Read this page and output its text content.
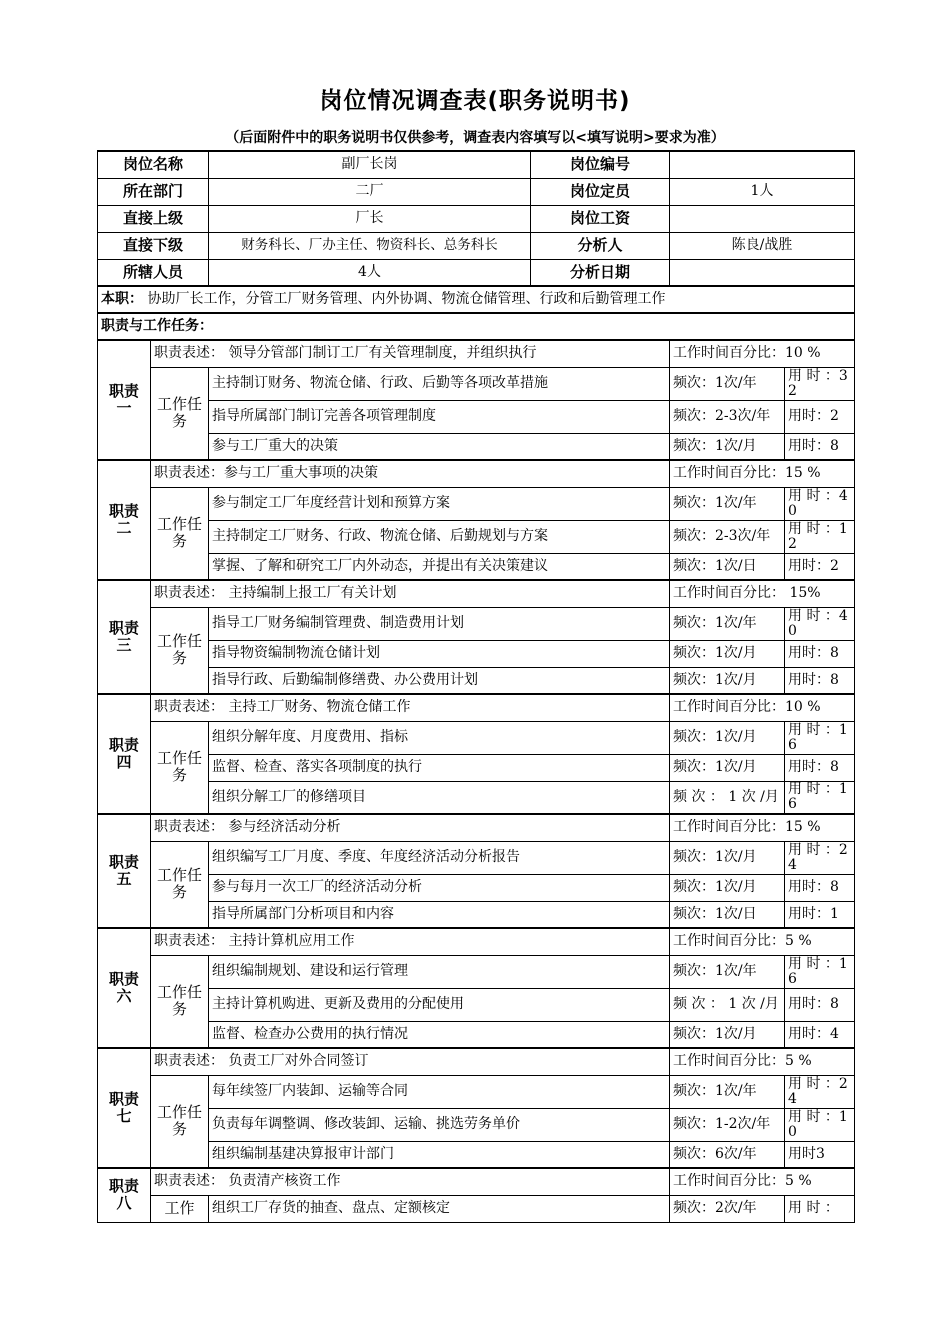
岗位情况调查表(职务说明书)
（后面附件中的职务说明书仅供参考，调查表内容填写以<填写说明>要求为准）
岗位名称		副厂长岗	岗位编号		
所在部门		二厂	岗位定员	1人	
直接上级		厂长	岗位工资		
直接下级		财务科长、厂办主任、物资科长、总务科长	分析人	陈良/战胜	
所辖人员		4人	分析日期		
本职： 协助厂长工作，分管工厂财务管理、内外协调、物流仓储管理、行政和后勤管理工作					
职责与工作任务：					
职责一	职责表述： 领导分管部门制订工厂有关管理制度，并组织执行			工作时间百分比：10 %	
	工作任务	主持制订财务、物流仓储、行政、后勤等各项改革措施		频次：1次/年	用 时 ：32
		指导所属部门制订完善各项管理制度		频次：2-3次/年	用时：2
		参与工厂重大的决策		频次：1次/月	用时：8
职责二	职责表述：参与工厂重大事项的决策			工作时间百分比：15 %	
	工作任务	参与制定工厂年度经营计划和预算方案		频次：1次/年	用 时 ：40
		主持制定工厂财务、行政、物流仓储、后勤规划与方案		频次：2-3次/年	用 时 ：12
		掌握、了解和研究工厂内外动态，并提出有关决策建议		频次：1次/日	用时：2
职责三	职责表述： 主持编制上报工厂有关计划			工作时间百分比： 15%	
	工作任务	指导工厂财务编制管理费、制造费用计划		频次：1次/年	用 时 ：40
		指导物资编制物流仓储计划		频次：1次/月	用时：8
		指导行政、后勤编制修缮费、办公费用计划		频次：1次/月	用时：8
职责四	职责表述： 主持工厂财务、物流仓储工作			工作时间百分比：10 %	
	工作任务	组织分解年度、月度费用、指标		频次：1次/月	用 时 ：16
		监督、检查、落实各项制度的执行		频次：1次/月	用时：8
		组织分解工厂的修缮项目		频 次 ： 1 次 /月	用 时 ：16
职责五	职责表述： 参与经济活动分析			工作时间百分比：15 %	
	工作任务	组织编写工厂月度、季度、年度经济活动分析报告		频次：1次/月	用 时 ：24
		参与每月一次工厂的经济活动分析		频次：1次/月	用时：8
		指导所属部门分析项目和内容		频次：1次/日	用时：1
职责六	职责表述： 主持计算机应用工作			工作时间百分比：5 %	
	工作任务	组织编制规划、建设和运行管理		频次：1次/年	用 时 ：16
		主持计算机购进、更新及费用的分配使用		频 次 ： 1 次 /月	用时：8
		监督、检查办公费用的执行情况		频次：1次/月	用时：4
职责七	职责表述： 负责工厂对外合同签订			工作时间百分比：5 %	
	工作任务	每年续签厂内装卸、运输等合同		频次：1次/年	用 时 ：24
		负责每年调整调、修改装卸、运输、挑选劳务单价		频次：1-2次/年	用 时 ：10
		组织编制基建决算报审计部门		频次：6次/年	用时3
职责八	职责表述： 负责清产核资工作			工作时间百分比：5 %	
	工作	组织工厂存货的抽查、盘点、定额核定		频次：2次/年	用 时 ：
